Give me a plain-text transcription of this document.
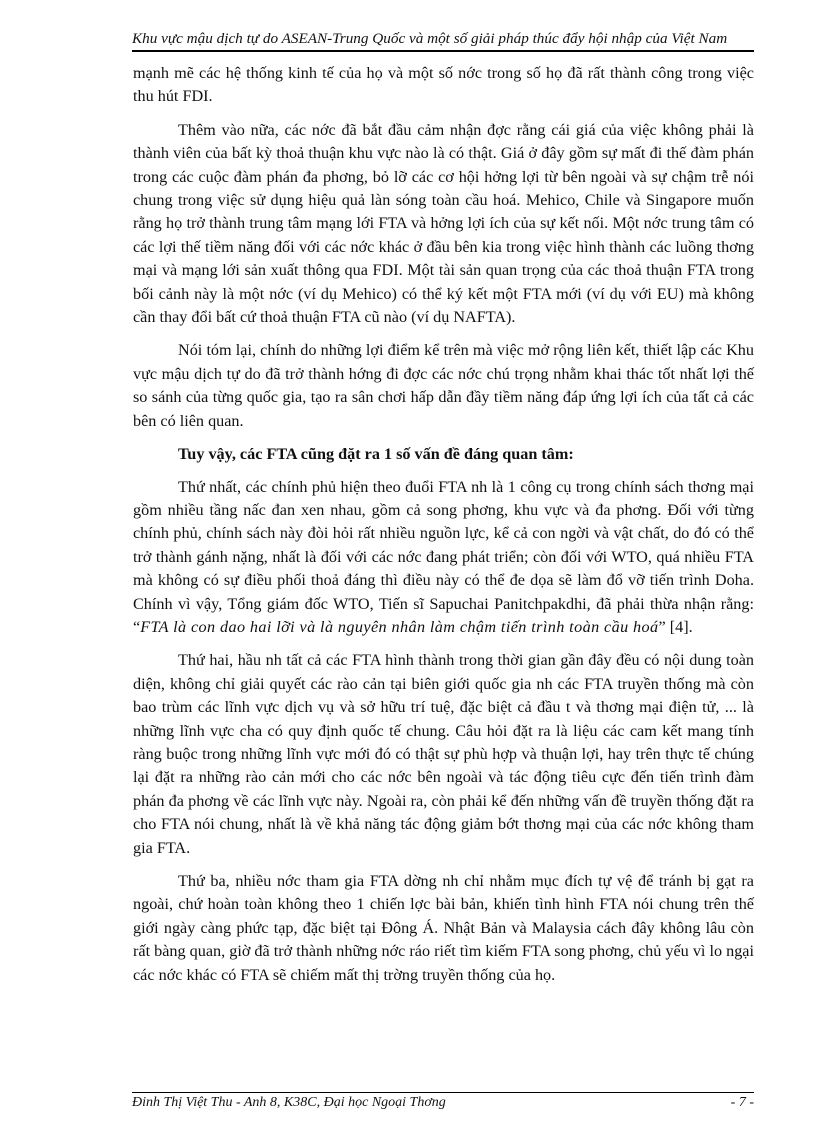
Khu vực mậu dịch tự do ASEAN-Trung Quốc và một số giải pháp thúc đẩy hội nhập của Việt Nam

mạnh mẽ các hệ thống kinh tế của họ và một số nớc trong số họ đã rất thành công trong việc thu hút FDI.

Thêm vào nữa, các nớc đã bắt đầu cảm nhận đợc rằng cái giá của việc không phải là thành viên của bất kỳ thoả thuận khu vực nào là có thật. Giá ở đây gồm sự mất đi thế đàm phán trong các cuộc đàm phán đa phơng, bỏ lỡ các cơ hội hởng lợi từ bên ngoài và sự chậm trễ nói chung trong việc sử dụng hiệu quả làn sóng toàn cầu hoá. Mehico, Chile và Singapore muốn rằng họ trở thành trung tâm mạng lới FTA và hởng lợi ích của sự kết nối. Một nớc trung tâm có các lợi thế tiềm năng đối với các nớc khác ở đầu bên kia trong việc hình thành các luồng thơng mại và mạng lới sản xuất thông qua FDI. Một tài sản quan trọng của các thoả thuận FTA trong bối cảnh này là một nớc (ví dụ Mehico) có thể ký kết một FTA mới (ví dụ với EU) mà không cần thay đổi bất cứ thoả thuận FTA cũ nào (ví dụ NAFTA).

Nói tóm lại, chính do những lợi điểm kể trên mà việc mở rộng liên kết, thiết lập các Khu vực mậu dịch tự do đã trở thành hớng đi đợc các nớc chú trọng nhằm khai thác tốt nhất lợi thế so sánh của từng quốc gia, tạo ra sân chơi hấp dẫn đầy tiềm năng đáp ứng lợi ích của tất cả các bên có liên quan.

Tuy vậy, các FTA cũng đặt ra 1 số vấn đề đáng quan tâm:

Thứ nhất, các chính phủ hiện theo đuổi FTA nh là 1 công cụ trong chính sách thơng mại gồm nhiều tầng nấc đan xen nhau, gồm cả song phơng, khu vực và đa phơng. Đối với từng chính phủ, chính sách này đòi hỏi rất nhiều nguồn lực, kể cả con ngời và vật chất, do đó có thể trở thành gánh nặng, nhất là đối với các nớc đang phát triển; còn đối với WTO, quá nhiều FTA mà không có sự điều phối thoả đáng thì điều này có thể đe dọa sẽ làm đổ vỡ tiến trình Doha. Chính vì vậy, Tổng giám đốc WTO, Tiến sĩ Sapuchai Panitchpakdhi, đã phải thừa nhận rằng: “FTA là con dao hai lỡi và là nguyên nhân làm chậm tiến trình toàn cầu hoá” [4].

Thứ hai, hầu nh tất cả các FTA hình thành trong thời gian gần đây đều có nội dung toàn diện, không chỉ giải quyết các rào cản tại biên giới quốc gia nh các FTA truyền thống mà còn bao trùm các lĩnh vực dịch vụ và sở hữu trí tuệ, đặc biệt cả đầu t và thơng mại điện tử, ... là những lĩnh vực cha có quy định quốc tế chung. Câu hỏi đặt ra là liệu các cam kết mang tính ràng buộc trong những lĩnh vực mới đó có thật sự phù hợp và thuận lợi, hay trên thực tế chúng lại đặt ra những rào cản mới cho các nớc bên ngoài và tác động tiêu cực đến tiến trình đàm phán đa phơng về các lĩnh vực này. Ngoài ra, còn phải kể đến những vấn đề truyền thống đặt ra cho FTA nói chung, nhất là về khả năng tác động giảm bớt thơng mại của các nớc không tham gia FTA.

Thứ ba, nhiều nớc tham gia FTA dờng nh chỉ nhằm mục đích tự vệ để tránh bị gạt ra ngoài, chứ hoàn toàn không theo 1 chiến lợc bài bản, khiến tình hình FTA nói chung trên thế giới ngày càng phức tạp, đặc biệt tại Đông Á. Nhật Bản và Malaysia cách đây không lâu còn rất bàng quan, giờ đã trở thành những nớc ráo riết tìm kiếm FTA song phơng, chủ yếu vì lo ngại các nớc khác có FTA sẽ chiếm mất thị trờng truyền thống của họ.

Đinh Thị Việt Thu - Anh 8, K38C, Đại học Ngoại Thơng	- 7 -
